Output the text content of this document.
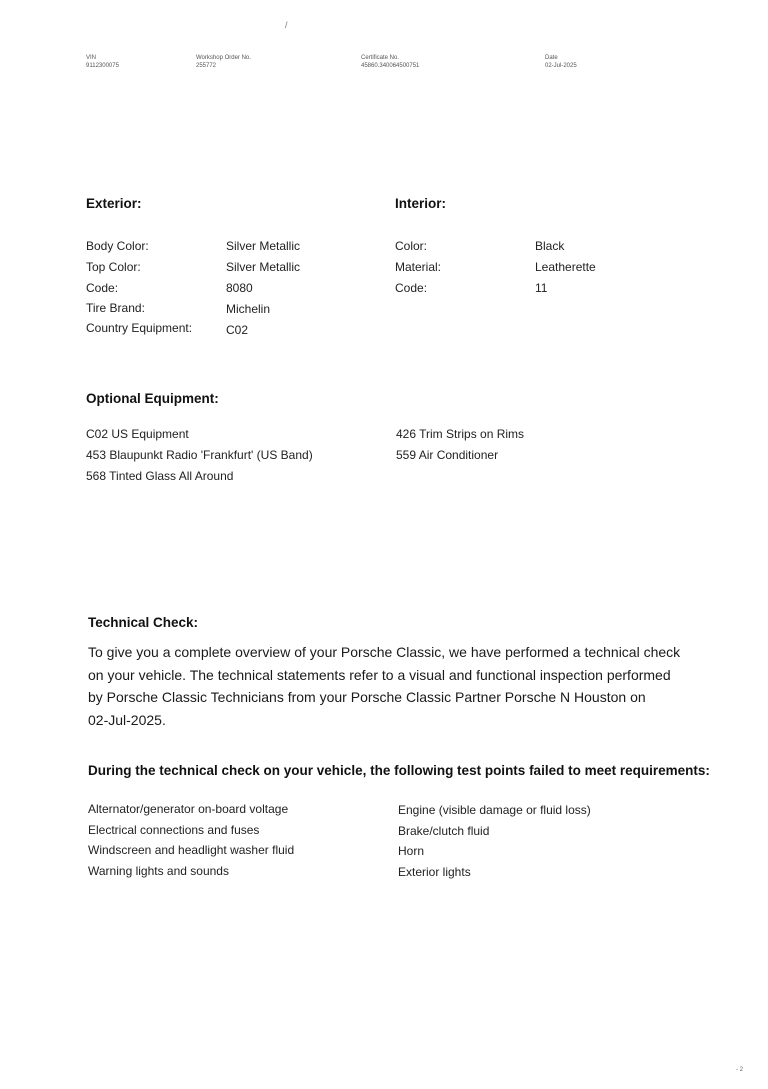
/
VIN
9112300075
Workshop Order No.
255772
Certificate No.
45860.340064500751
Date
02-Jul-2025
Exterior:
Body Color:	Silver Metallic
Top Color:	Silver Metallic
Code:	8080
Tire Brand:	Michelin
Country Equipment:	C02
Interior:
Color:	Black
Material:	Leatherette
Code:	11
Optional Equipment:
C02 US Equipment
453 Blaupunkt Radio 'Frankfurt' (US Band)
568 Tinted Glass All Around
426 Trim Strips on Rims
559 Air Conditioner
Technical Check:
To give you a complete overview of your Porsche Classic, we have performed a technical check
on your vehicle. The technical statements refer to a visual and functional inspection performed
by Porsche Classic Technicians from your Porsche Classic Partner Porsche N Houston on
02-Jul-2025.
During the technical check on your vehicle, the following test points failed to meet requirements:
Alternator/generator on-board voltage
Electrical connections and fuses
Windscreen and headlight washer fluid
Warning lights and sounds
Engine (visible damage or fluid loss)
Brake/clutch fluid
Horn
Exterior lights
- 2
